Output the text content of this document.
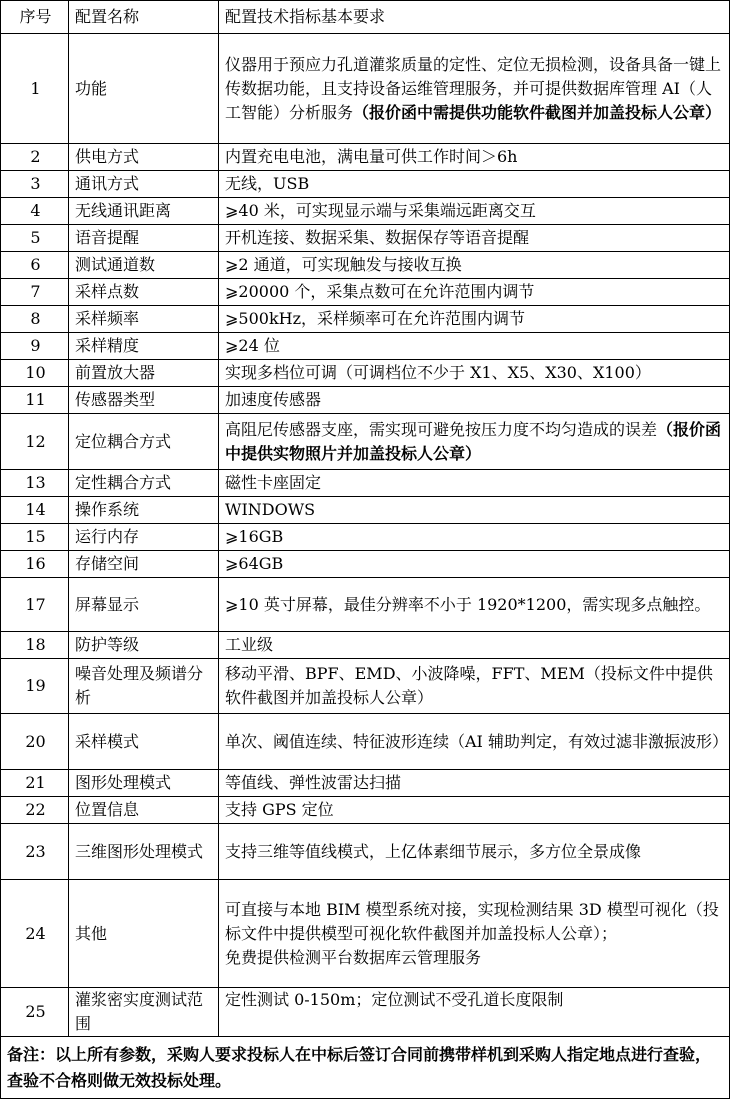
序号	配置名称	配置技术指标基本要求
1	功能	仪器用于预应力孔道灌浆质量的定性、定位无损检测，设备具备一键上传数据功能，且支持设备运维管理服务，并可提供数据库管理 AI（人工智能）分析服务（报价函中需提供功能软件截图并加盖投标人公章）
2	供电方式	内置充电电池，满电量可供工作时间＞6h
3	通讯方式	无线，USB
4	无线通讯距离	⩾40 米，可实现显示端与采集端远距离交互
5	语音提醒	开机连接、数据采集、数据保存等语音提醒
6	测试通道数	⩾2 通道，可实现触发与接收互换
7	采样点数	⩾20000 个，采集点数可在允许范围内调节
8	采样频率	⩾500kHz，采样频率可在允许范围内调节
9	采样精度	⩾24 位
10	前置放大器	实现多档位可调（可调档位不少于 X1、X5、X30、X100）
11	传感器类型	加速度传感器
12	定位耦合方式	高阻尼传感器支座，需实现可避免按压力度不均匀造成的误差（报价函中提供实物照片并加盖投标人公章）
13	定性耦合方式	磁性卡座固定
14	操作系统	WINDOWS
15	运行内存	⩾16GB
16	存储空间	⩾64GB
17	屏幕显示	⩾10 英寸屏幕，最佳分辨率不小于 1920*1200，需实现多点触控。
18	防护等级	工业级
19	噪音处理及频谱分析	移动平滑、BPF、EMD、小波降噪，FFT、MEM（投标文件中提供软件截图并加盖投标人公章）
20	采样模式	单次、阈值连续、特征波形连续（AI 辅助判定，有效过滤非激振波形）
21	图形处理模式	等值线、弹性波雷达扫描
22	位置信息	支持 GPS 定位
23	三维图形处理模式	支持三维等值线模式，上亿体素细节展示，多方位全景成像
24	其他	可直接与本地 BIM 模型系统对接，实现检测结果 3D 模型可视化（投标文件中提供模型可视化软件截图并加盖投标人公章）；
免费提供检测平台数据库云管理服务

25	灌浆密实度测试范围	定性测试 0-150m；定位测试不受孔道长度限制
备注：以上所有参数，采购人要求投标人在中标后签订合同前携带样机到采购人指定地点进行查验，查验不合格则做无效投标处理。		
